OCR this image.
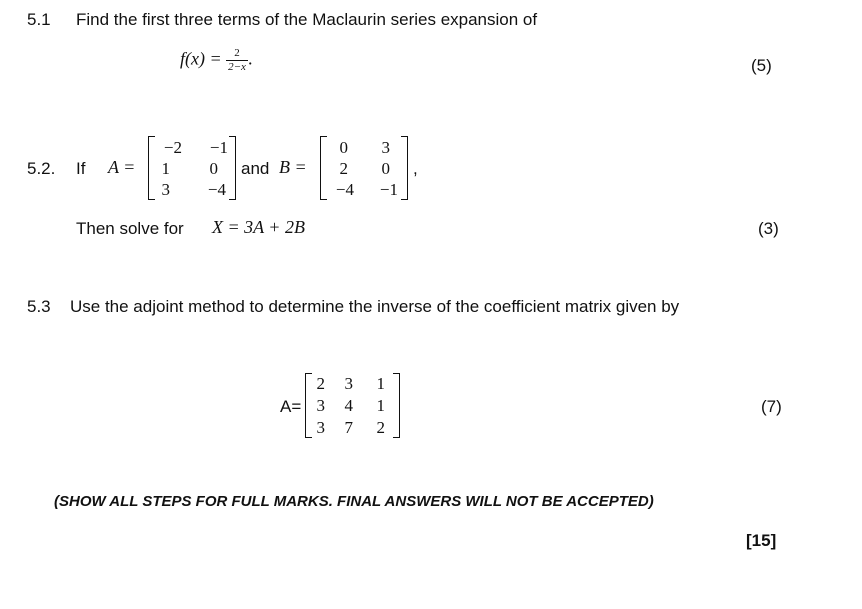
5.1 Find the first three terms of the Maclaurin series expansion of
$f(x) = \frac{2}{2-x}$ .	(5)
5.2. If A =
−2	−1
1	0
3	−4
and B =
0	3
2	0
−4	−1
,
Then solve for X = 3A + 2B	(3)
5.3 Use the adjoint method to determine the inverse of the coefficient matrix given by
A=
2	3	1
3	4	1
3	7	2
(7)
(SHOW ALL STEPS FOR FULL MARKS. FINAL ANSWERS WILL NOT BE ACCEPTED)
[15]
